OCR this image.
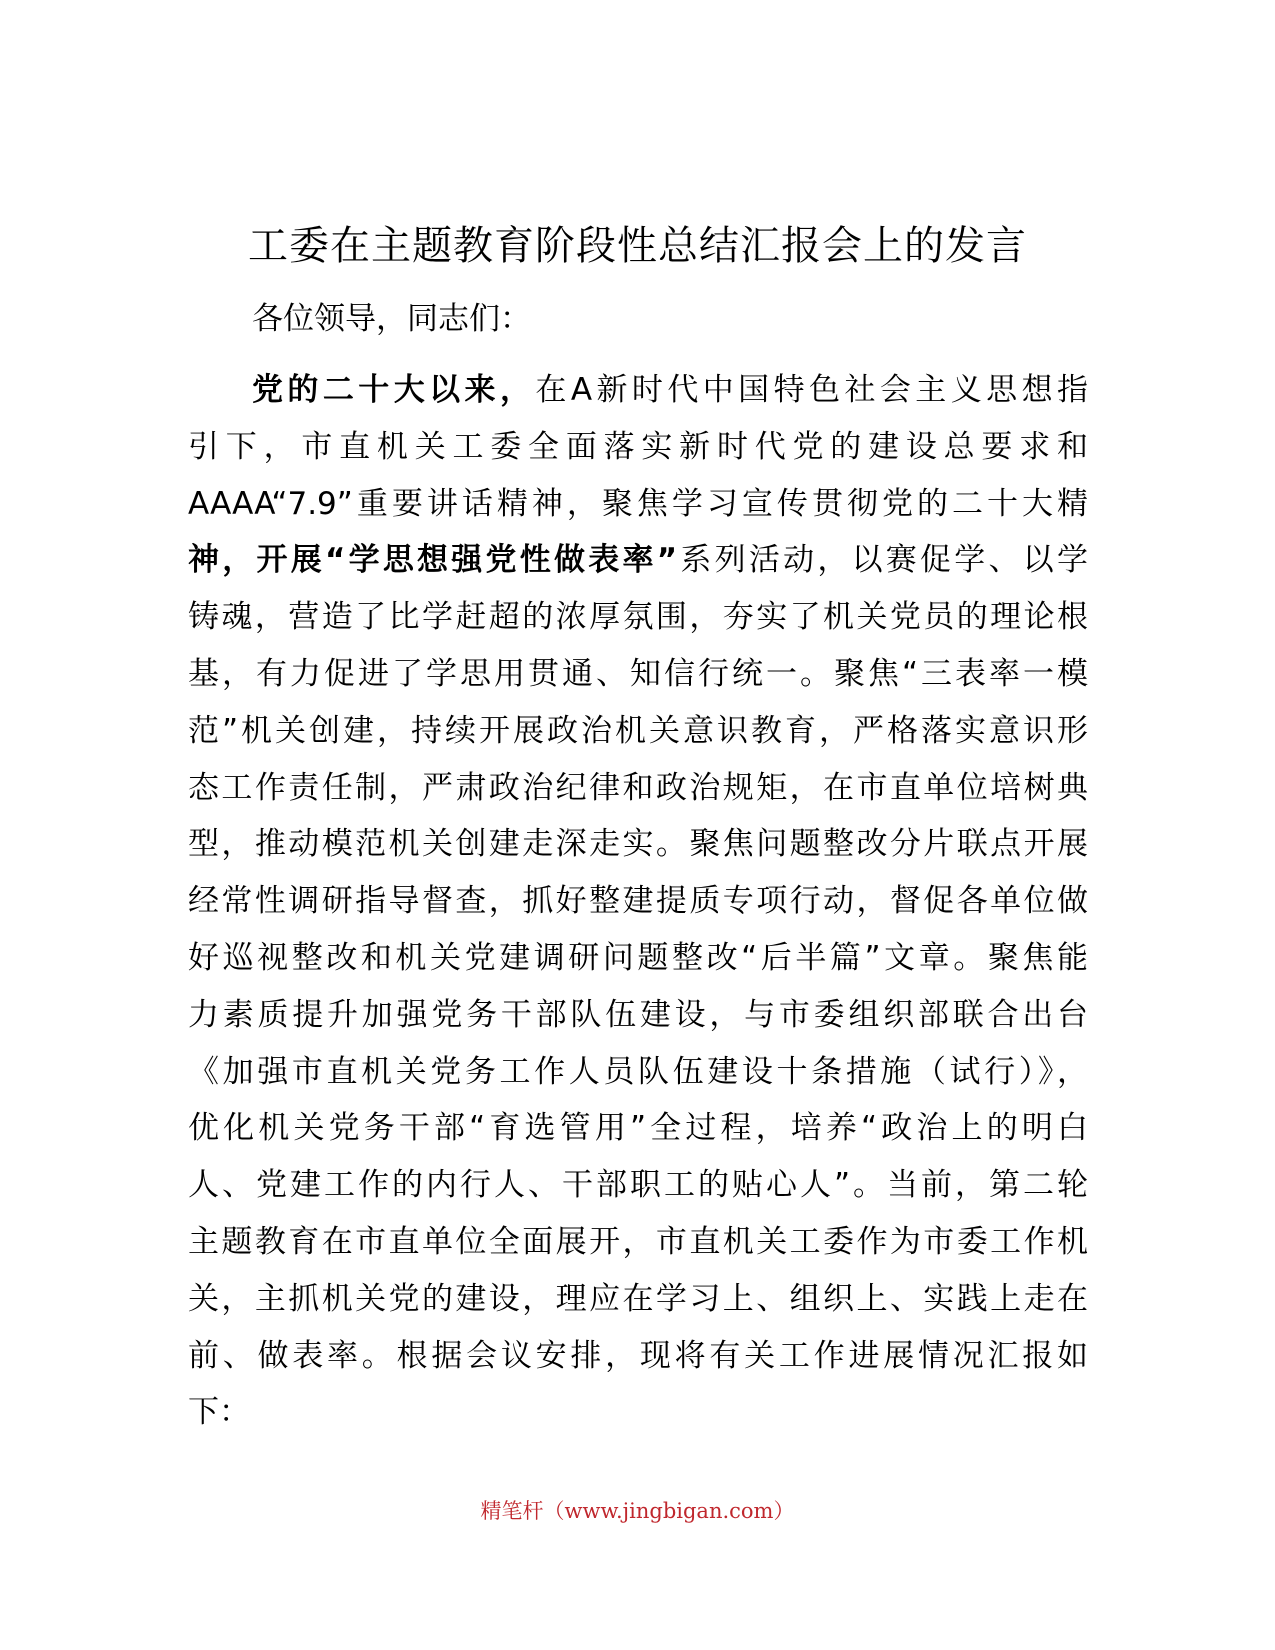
工委在主题教育阶段性总结汇报会上的发言
各位领导，同志们：
党的二十大以来，在A新时代中国特色社会主义思想指
引下，市直机关工委全面落实新时代党的建设总要求和
AAAA“7.9”重要讲话精神，聚焦学习宣传贯彻党的二十大精
神，开展“学思想强党性做表率”系列活动，以赛促学、以学
铸魂，营造了比学赶超的浓厚氛围，夯实了机关党员的理论根
基，有力促进了学思用贯通、知信行统一。聚焦“三表率一模
范”机关创建，持续开展政治机关意识教育，严格落实意识形
态工作责任制，严肃政治纪律和政治规矩，在市直单位培树典
型，推动模范机关创建走深走实。聚焦问题整改分片联点开展
经常性调研指导督查，抓好整建提质专项行动，督促各单位做
好巡视整改和机关党建调研问题整改“后半篇”文章。聚焦能
力素质提升加强党务干部队伍建设，与市委组织部联合出台
《加强市直机关党务工作人员队伍建设十条措施（试行）》，
优化机关党务干部“育选管用”全过程，培养“政治上的明白
人、党建工作的内行人、干部职工的贴心人”。当前，第二轮
主题教育在市直单位全面展开，市直机关工委作为市委工作机
关，主抓机关党的建设，理应在学习上、组织上、实践上走在
前、做表率。根据会议安排，现将有关工作进展情况汇报如
下：
精笔杆（www.jingbigan.com）
